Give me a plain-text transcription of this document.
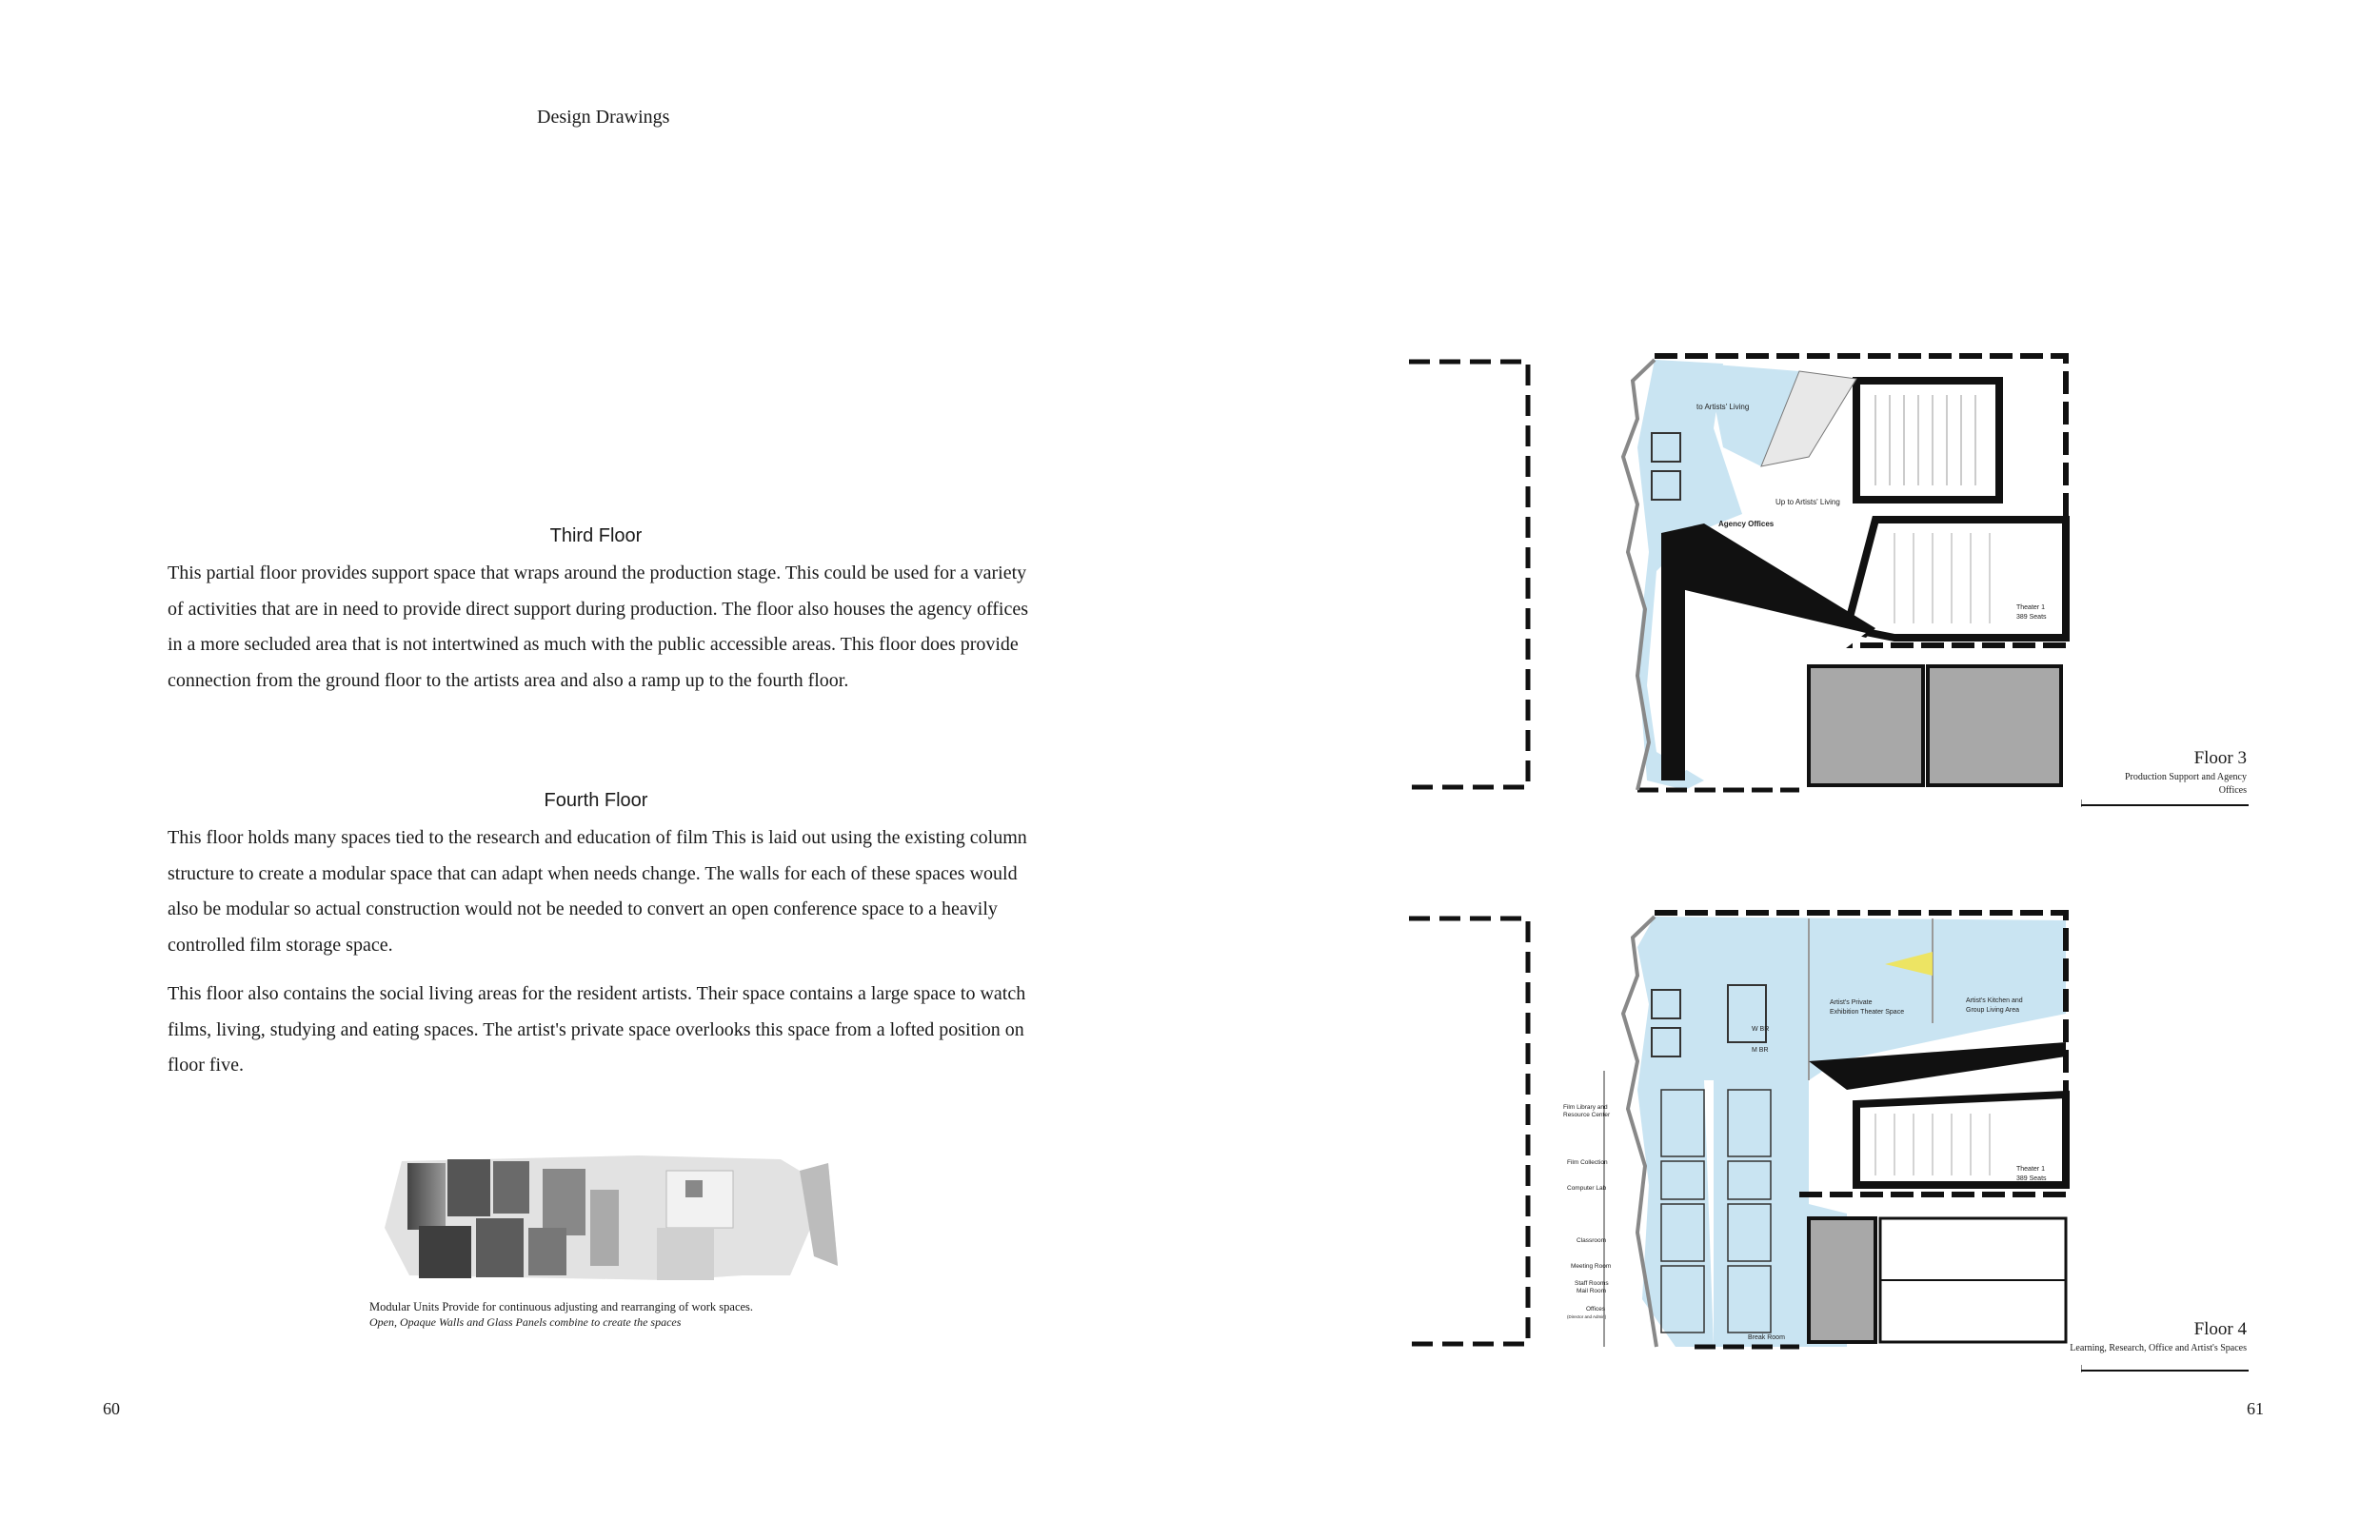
Design Drawings
Third Floor
This partial floor provides support space that wraps around the production stage. This could be used for a variety of activities that are in need to provide direct support during production. The floor also houses the agency offices in a more secluded area that is not intertwined as much with the public accessible areas. This floor does provide connection from the ground floor to the artists area and also a ramp up to the fourth floor.
Fourth Floor
This floor holds many spaces tied to the research and education of film This is laid out using the existing column structure to create a modular space that can adapt when needs change. The walls for each of these spaces would also be modular so actual construction would not be needed to convert an open conference space to a heavily controlled film storage space.
This floor also contains the social living areas for the resident artists. Their space contains a large space to watch films, living, studying and eating spaces. The artist's private space overlooks this space from a lofted position on floor five.
Modular Units Provide for continuous adjusting and rearranging of work spaces.
Open, Opaque Walls and Glass Panels combine to create the spaces
60	61
to Artists' Living
Up to Artists' Living
Agency Offices
Theater 1
389 Seats
Floor 3
Production Support and Agency
Offices
Artist's Private
Exhibition Theater Space
Artist's Kitchen and
Group Living Area
W BR
M BR
Film Library and
Resource Center
Film Collection
Computer Lab
Classroom
Meeting Room
Staff Rooms
Mail Room
Offices
(Director and Admin)
Break Room
Theater 1
389 Seats
Floor 4
Learning, Research, Office and Artist's Spaces
